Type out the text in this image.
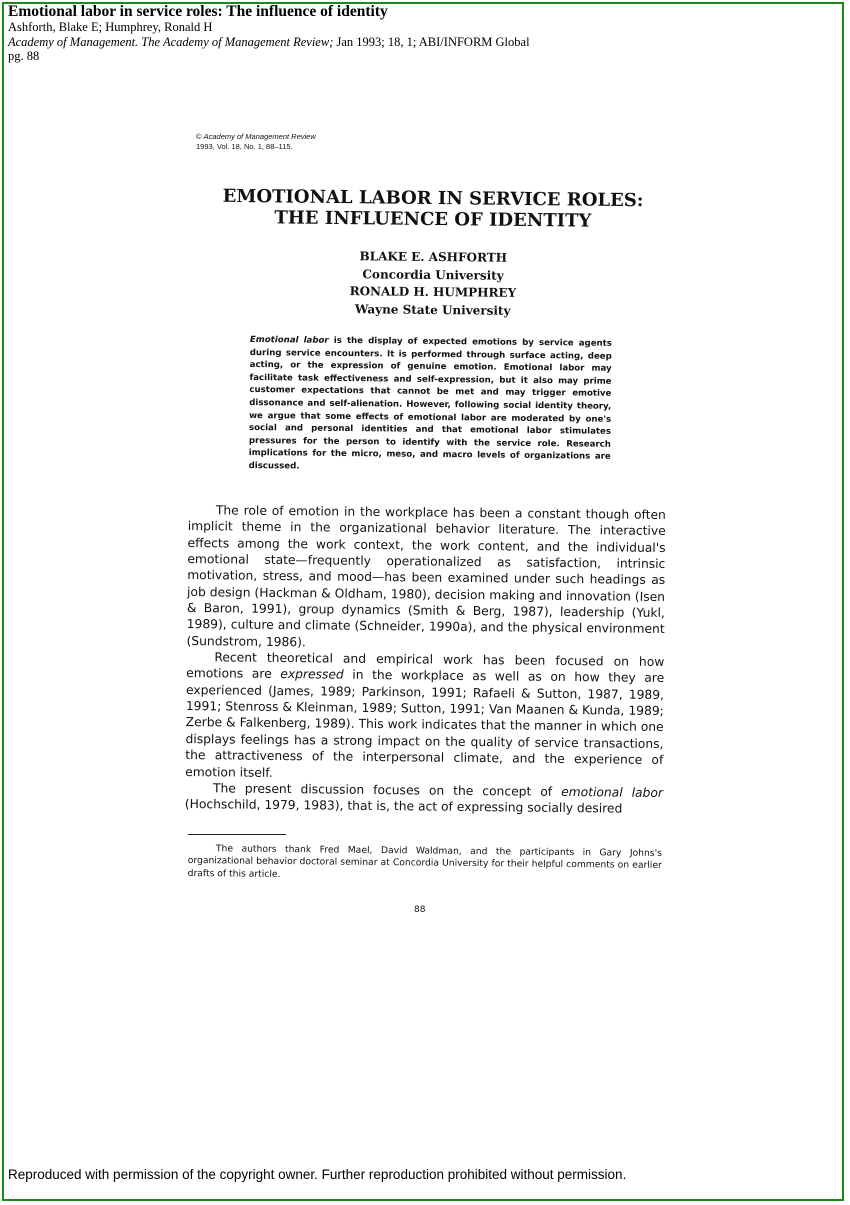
Emotional labor in service roles: The influence of identity
Ashforth, Blake E; Humphrey, Ronald H
Academy of Management. The Academy of Management Review; Jan 1993; 18, 1; ABI/INFORM Global
pg. 88
© Academy of Management Review
1993, Vol. 18, No. 1, 88–115.
EMOTIONAL LABOR IN SERVICE ROLES:
THE INFLUENCE OF IDENTITY
BLAKE E. ASHFORTH
Concordia University
RONALD H. HUMPHREY
Wayne State University
Emotional labor is the display of expected emotions by service agents during service encounters. It is performed through surface acting, deep acting, or the expression of genuine emotion. Emotional labor may facilitate task effectiveness and self-expression, but it also may prime customer expectations that cannot be met and may trigger emotive dissonance and self-alienation. However, following social identity theory, we argue that some effects of emotional labor are moderated by one's social and personal identities and that emotional labor stimulates pressures for the person to identify with the service role. Research implications for the micro, meso, and macro levels of organizations are discussed.

The role of emotion in the workplace has been a constant though often implicit theme in the organizational behavior literature. The interactive effects among the work context, the work content, and the individual's emotional state—frequently operationalized as satisfaction, intrinsic motivation, stress, and mood—has been examined under such headings as job design (Hackman & Oldham, 1980), decision making and innovation (Isen & Baron, 1991), group dynamics (Smith & Berg, 1987), leadership (Yukl, 1989), culture and climate (Schneider, 1990a), and the physical environment (Sundstrom, 1986).

Recent theoretical and empirical work has been focused on how emotions are expressed in the workplace as well as on how they are experienced (James, 1989; Parkinson, 1991; Rafaeli & Sutton, 1987, 1989, 1991; Stenross & Kleinman, 1989; Sutton, 1991; Van Maanen & Kunda, 1989; Zerbe & Falkenberg, 1989). This work indicates that the manner in which one displays feelings has a strong impact on the quality of service transactions, the attractiveness of the interpersonal climate, and the experience of emotion itself.

The present discussion focuses on the concept of emotional labor (Hochschild, 1979, 1983), that is, the act of expressing socially desired

The authors thank Fred Mael, David Waldman, and the participants in Gary Johns's organizational behavior doctoral seminar at Concordia University for their helpful comments on earlier drafts of this article.
88
Reproduced with permission of the copyright owner. Further reproduction prohibited without permission.
